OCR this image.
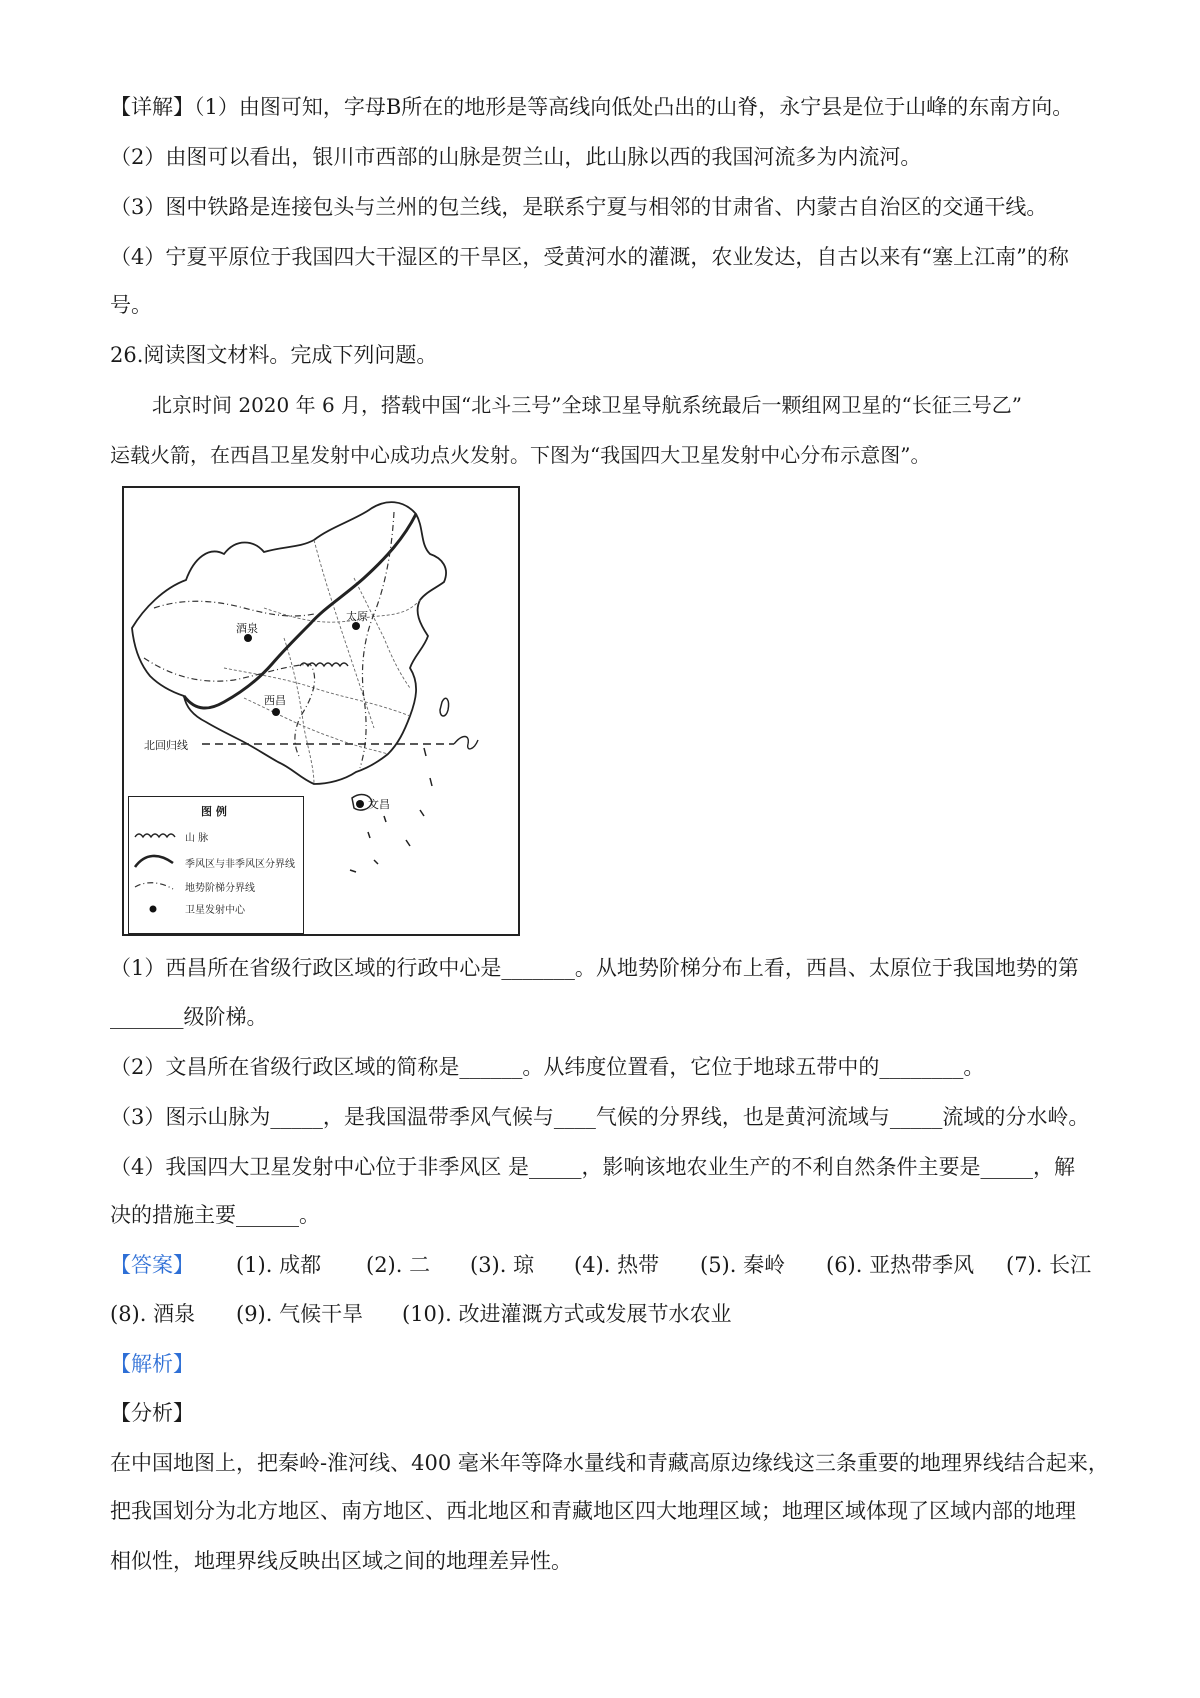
【详解】（1）由图可知，字母B所在的地形是等高线向低处凸出的山脊，永宁县是位于山峰的东南方向。
（2）由图可以看出，银川市西部的山脉是贺兰山，此山脉以西的我国河流多为内流河。
（3）图中铁路是连接包头与兰州的包兰线，是联系宁夏与相邻的甘肃省、内蒙古自治区的交通干线。
（4）宁夏平原位于我国四大干湿区的干旱区，受黄河水的灌溉，农业发达，自古以来有“塞上江南”的称
号。
26.阅读图文材料。完成下列问题。
北京时间 2020 年 6 月，搭载中国“北斗三号”全球卫星导航系统最后一颗组网卫星的“长征三号乙”
运载火箭，在西昌卫星发射中心成功点火发射。下图为“我国四大卫星发射中心分布示意图”。
酒泉
太原
西昌
文昌
北回归线
图 例
山 脉
季风区与非季风区分界线
地势阶梯分界线
卫星发射中心
（1）西昌所在省级行政区域的行政中心是_______。从地势阶梯分布上看，西昌、太原位于我国地势的第
_______级阶梯。
（2）文昌所在省级行政区域的简称是______。从纬度位置看，它位于地球五带中的________。
（3）图示山脉为_____，是我国温带季风气候与____气候的分界线，也是黄河流域与_____流域的分水岭。
（4）我国四大卫星发射中心位于非季风区 是_____，影响该地农业生产的不利自然条件主要是_____，解
决的措施主要______。
【答案】 (1). 成都 (2). 二 (3). 琼 (4). 热带 (5). 秦岭 (6). 亚热带季风 (7). 长江
(8). 酒泉 (9). 气候干旱 (10). 改进灌溉方式或发展节水农业
【解析】
【分析】
在中国地图上，把秦岭-淮河线、400 毫米年等降水量线和青藏高原边缘线这三条重要的地理界线结合起来，
把我国划分为北方地区、南方地区、西北地区和青藏地区四大地理区域；地理区域体现了区域内部的地理
相似性，地理界线反映出区域之间的地理差异性。
